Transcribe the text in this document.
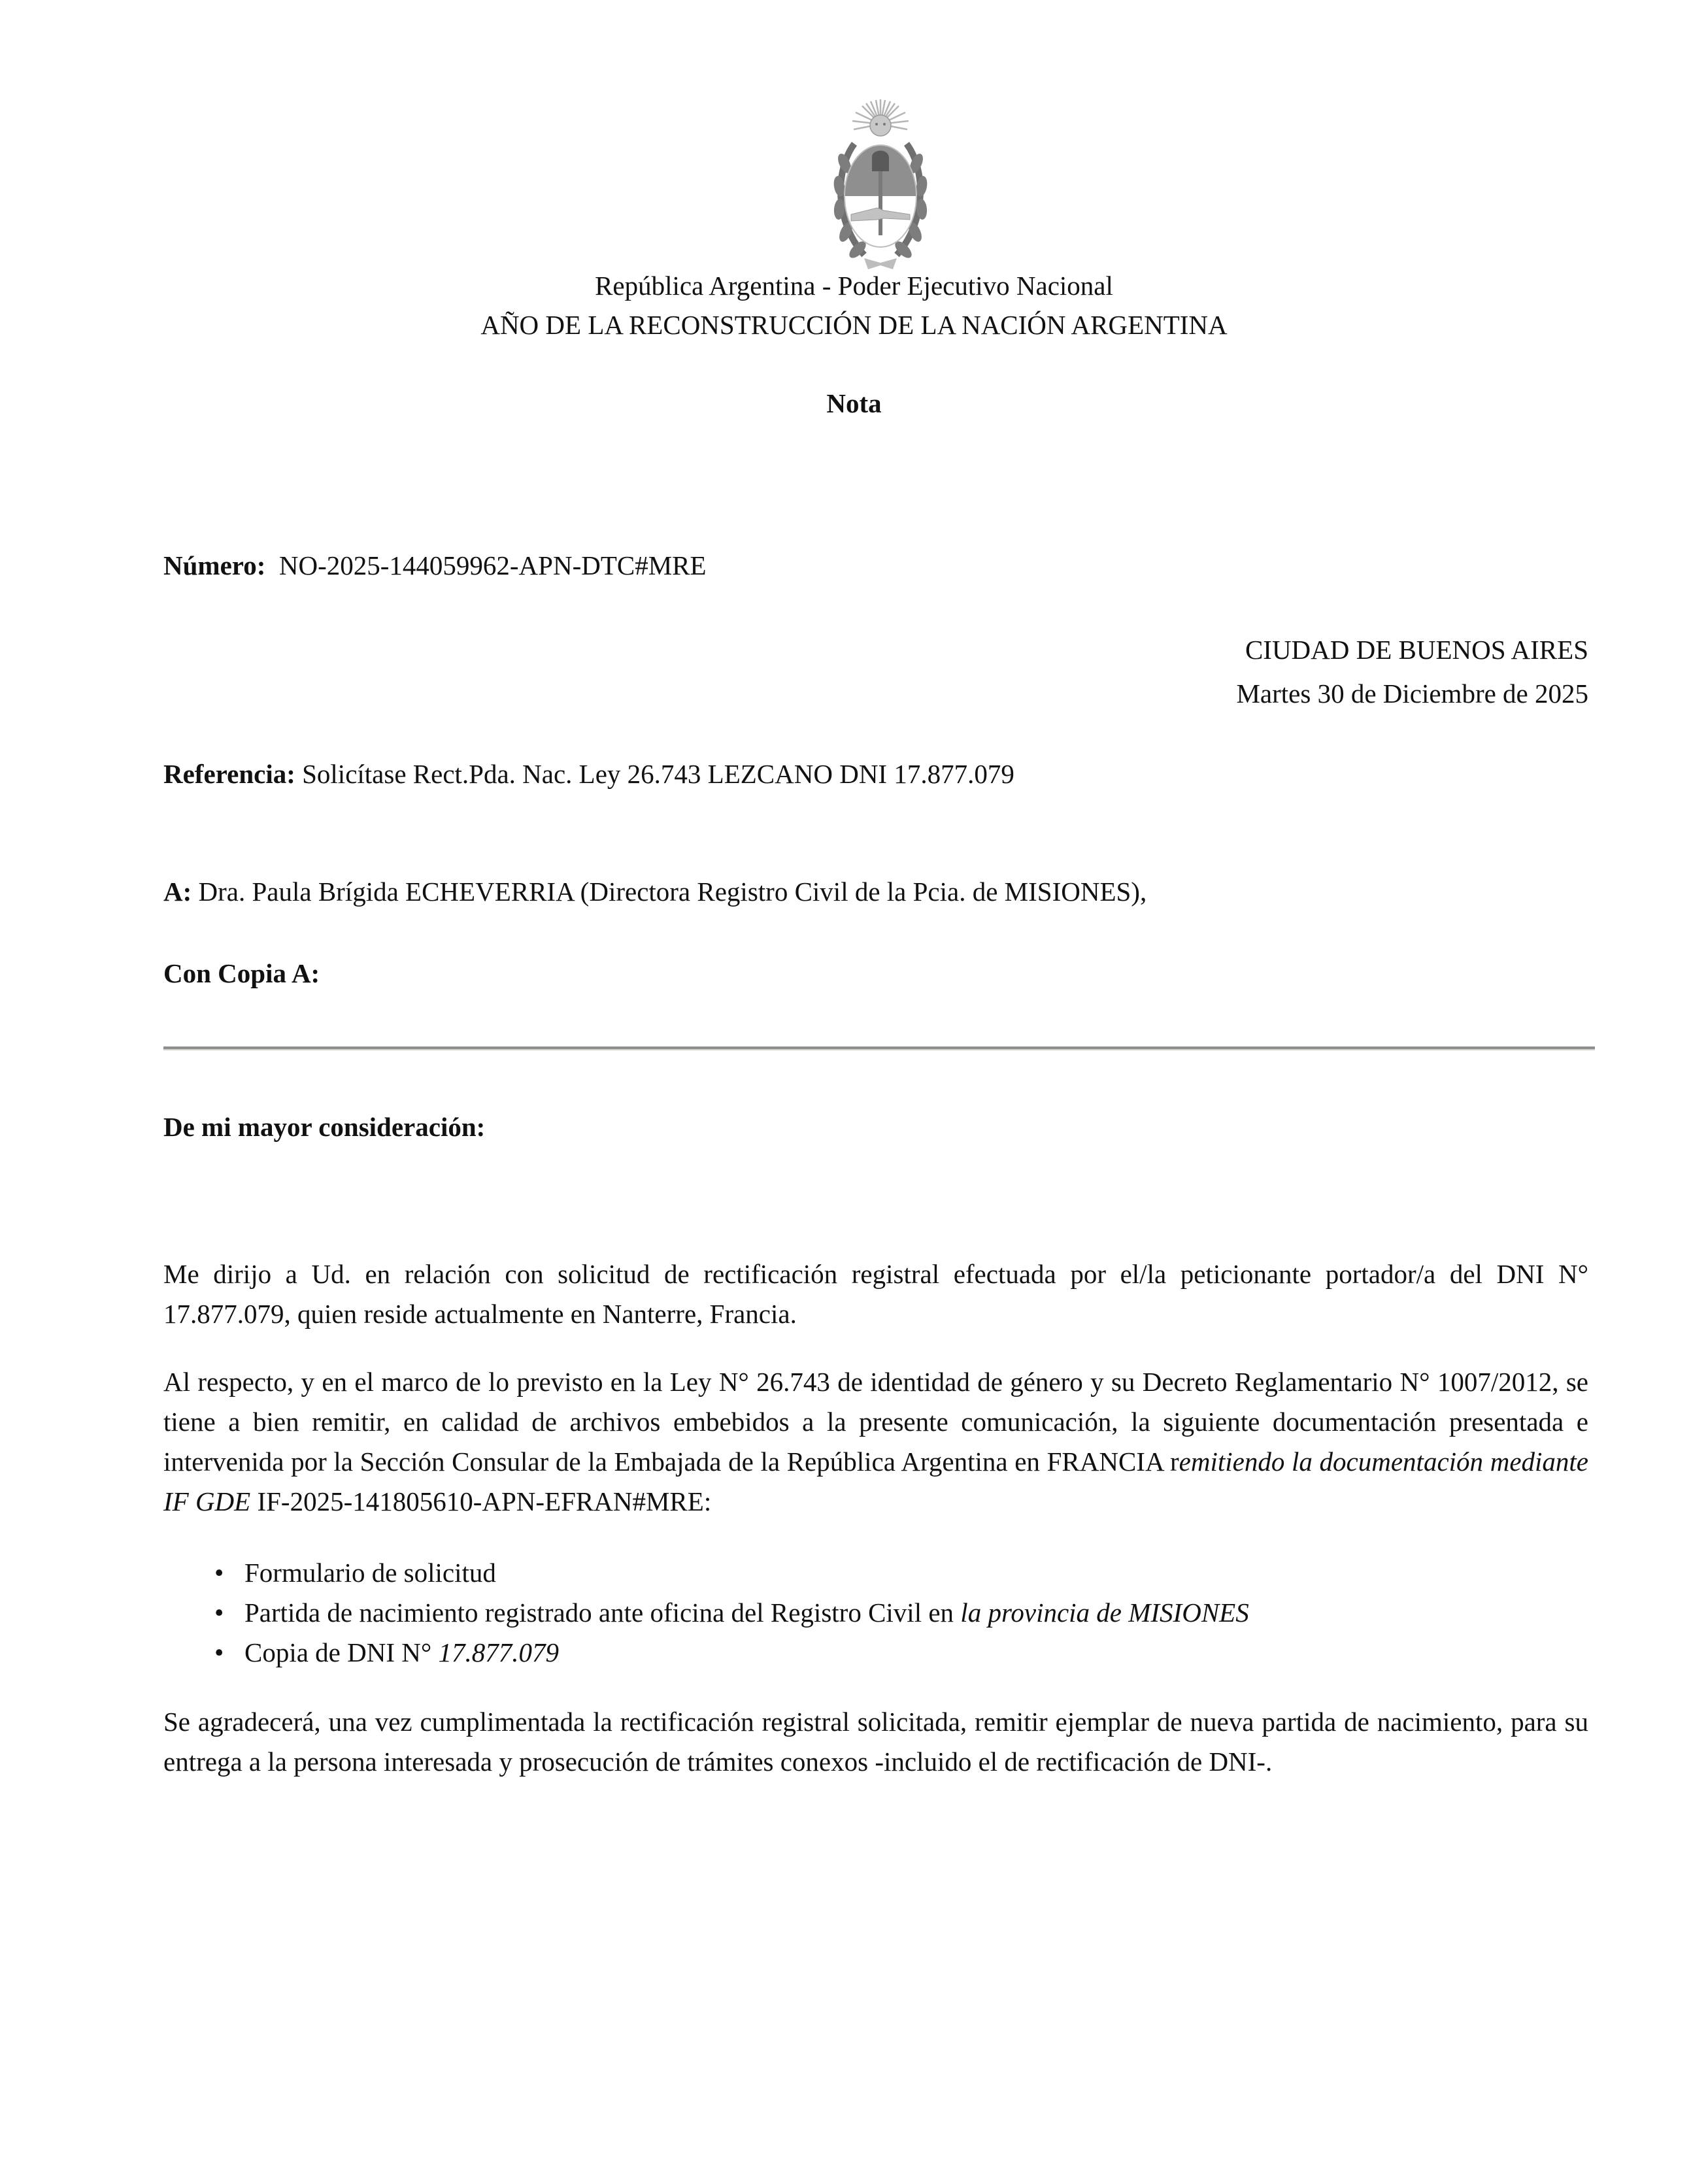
República Argentina - Poder Ejecutivo Nacional
AÑO DE LA RECONSTRUCCIÓN DE LA NACIÓN ARGENTINA
Nota
Número: NO-2025-144059962-APN-DTC#MRE
CIUDAD DE BUENOS AIRES
Martes 30 de Diciembre de 2025
Referencia: Solicítase Rect.Pda. Nac. Ley 26.743 LEZCANO DNI 17.877.079
A: Dra. Paula Brígida ECHEVERRIA (Directora Registro Civil de la Pcia. de MISIONES),
Con Copia A:
De mi mayor consideración:
Me dirijo a Ud. en relación con solicitud de rectificación registral efectuada por el/la peticionante portador/a del DNI N° 17.877.079, quien reside actualmente en Nanterre, Francia.
Al respecto, y en el marco de lo previsto en la Ley N° 26.743 de identidad de género y su Decreto Reglamentario N° 1007/2012, se tiene a bien remitir, en calidad de archivos embebidos a la presente comunicación, la siguiente documentación presentada e intervenida por la Sección Consular de la Embajada de la República Argentina en FRANCIA remitiendo la documentación mediante IF GDE IF-2025-141805610-APN-EFRAN#MRE:
• Formulario de solicitud
• Partida de nacimiento registrado ante oficina del Registro Civil en la provincia de MISIONES
• Copia de DNI N° 17.877.079
Se agradecerá, una vez cumplimentada la rectificación registral solicitada, remitir ejemplar de nueva partida de nacimiento, para su entrega a la persona interesada y prosecución de trámites conexos -incluido el de rectificación de DNI-.
